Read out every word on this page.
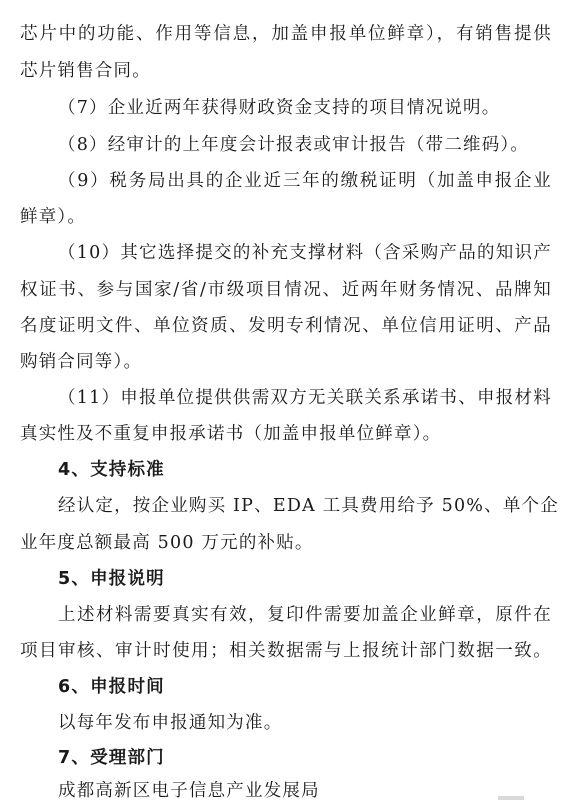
芯片中的功能、作用等信息，加盖申报单位鲜章），有销售提供
芯片销售合同。
（7）企业近两年获得财政资金支持的项目情况说明。
（8）经审计的上年度会计报表或审计报告（带二维码）。
（9）税务局出具的企业近三年的缴税证明（加盖申报企业
鲜章）。
（10）其它选择提交的补充支撑材料（含采购产品的知识产
权证书、参与国家/省/市级项目情况、近两年财务情况、品牌知
名度证明文件、单位资质、发明专利情况、单位信用证明、产品
购销合同等）。
（11）申报单位提供供需双方无关联关系承诺书、申报材料
真实性及不重复申报承诺书（加盖申报单位鲜章）。
4、支持标准
经认定，按企业购买 IP、EDA 工具费用给予 50%、单个企
业年度总额最高 500 万元的补贴。
5、申报说明
上述材料需要真实有效，复印件需要加盖企业鲜章，原件在
项目审核、审计时使用；相关数据需与上报统计部门数据一致。
6、申报时间
以每年发布申报通知为准。
7、受理部门
成都高新区电子信息产业发展局
